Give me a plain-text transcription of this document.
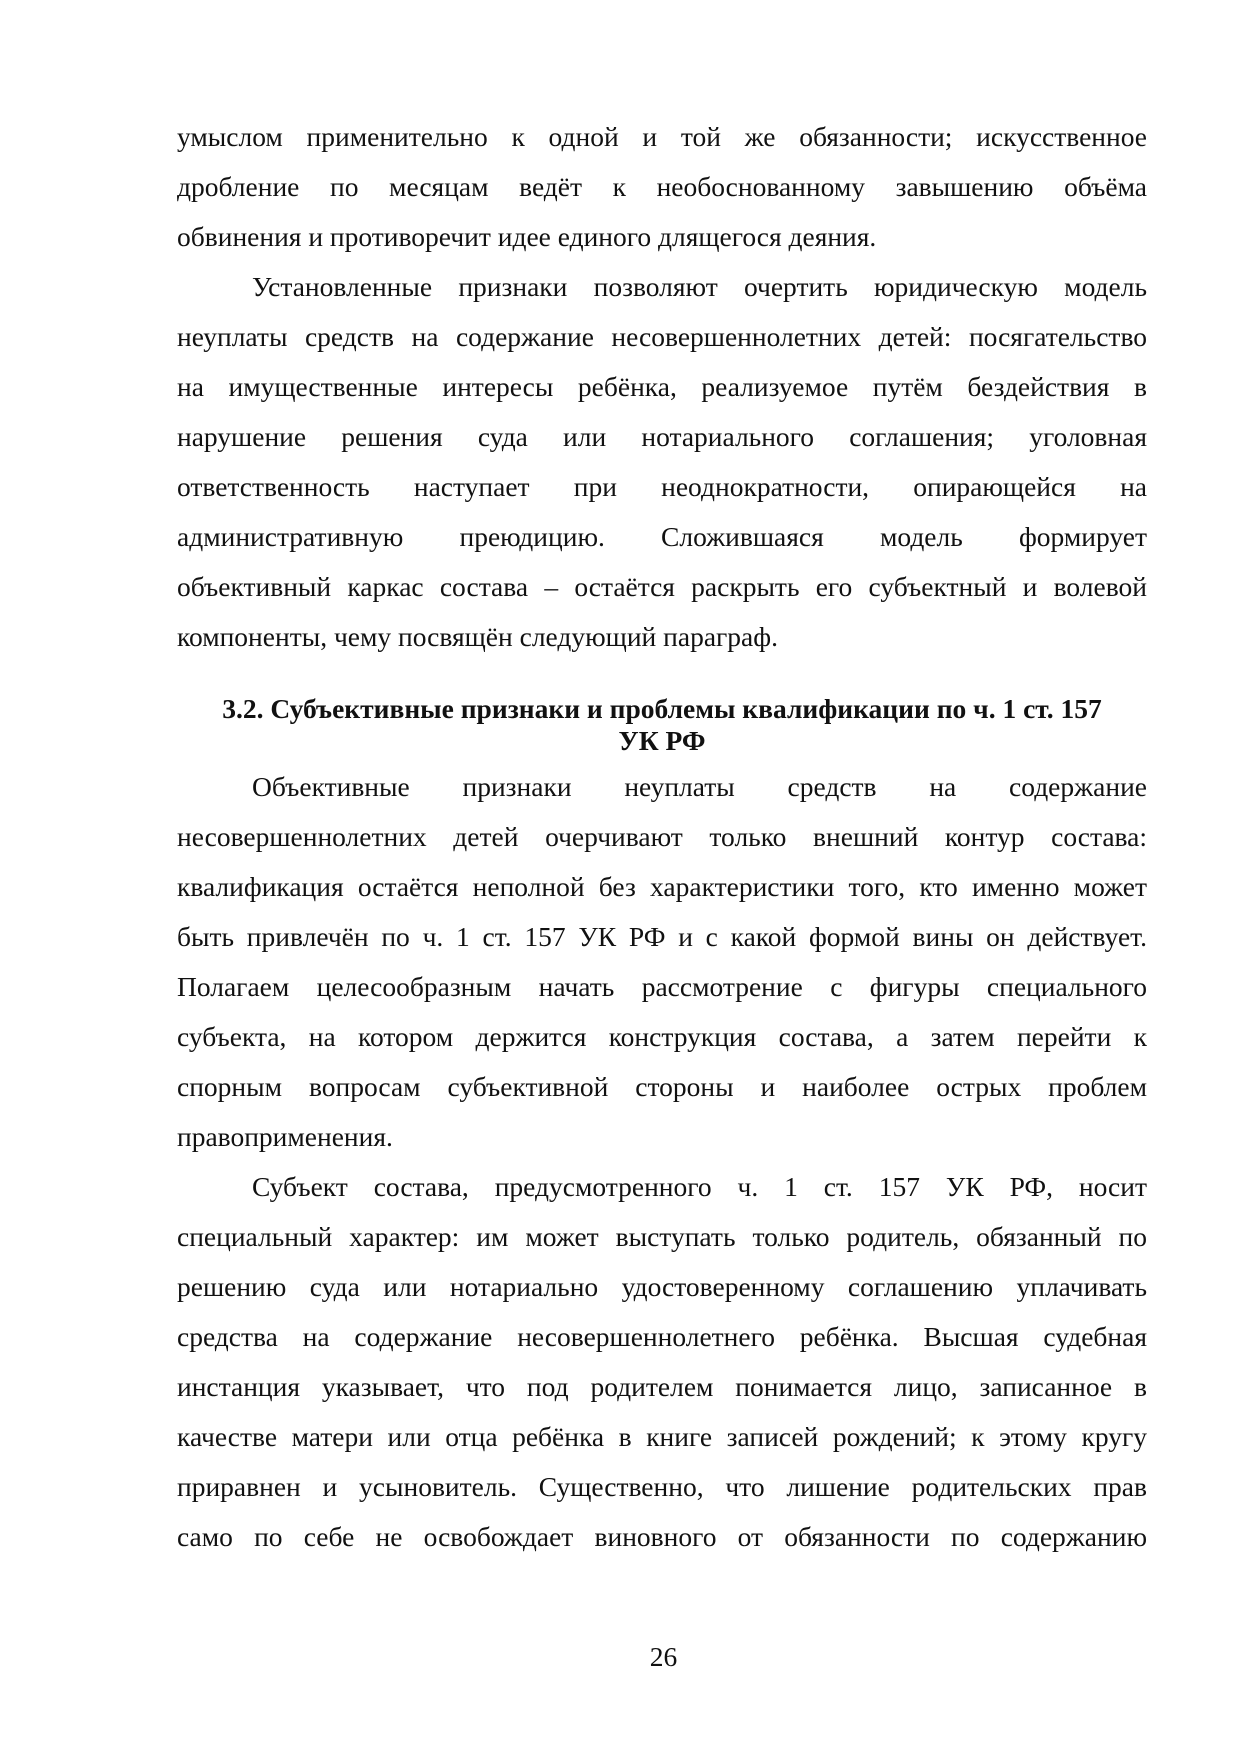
умыслом применительно к одной и той же обязанности; искусственное
дробление по месяцам ведёт к необоснованному завышению объёма
обвинения и противоречит идее единого длящегося деяния.
Установленные признаки позволяют очертить юридическую модель
неуплаты средств на содержание несовершеннолетних детей: посягательство
на имущественные интересы ребёнка, реализуемое путём бездействия в
нарушение решения суда или нотариального соглашения; уголовная
ответственность наступает при неоднократности, опирающейся на
административную преюдицию. Сложившаяся модель формирует
объективный каркас состава – остаётся раскрыть его субъектный и волевой
компоненты, чему посвящён следующий параграф.
3.2. Субъективные признаки и проблемы квалификации по ч. 1 ст. 157
УК РФ
Объективные признаки неуплаты средств на содержание
несовершеннолетних детей очерчивают только внешний контур состава:
квалификация остаётся неполной без характеристики того, кто именно может
быть привлечён по ч. 1 ст. 157 УК РФ и с какой формой вины он действует.
Полагаем целесообразным начать рассмотрение с фигуры специального
субъекта, на котором держится конструкция состава, а затем перейти к
спорным вопросам субъективной стороны и наиболее острых проблем
правоприменения.
Субъект состава, предусмотренного ч. 1 ст. 157 УК РФ, носит
специальный характер: им может выступать только родитель, обязанный по
решению суда или нотариально удостоверенному соглашению уплачивать
средства на содержание несовершеннолетнего ребёнка. Высшая судебная
инстанция указывает, что под родителем понимается лицо, записанное в
качестве матери или отца ребёнка в книге записей рождений; к этому кругу
приравнен и усыновитель. Существенно, что лишение родительских прав
само по себе не освобождает виновного от обязанности по содержанию
26
